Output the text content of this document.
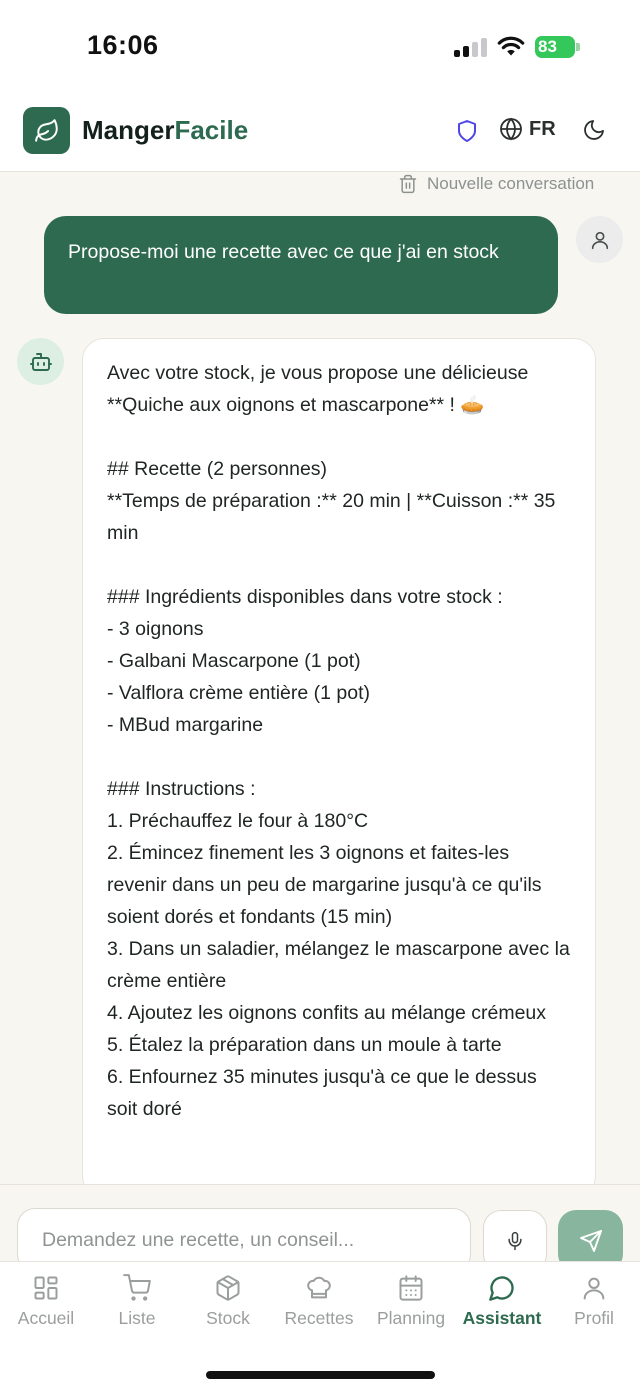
16:06	83
MangerFacile	FR
Nouvelle conversation
Propose-moi une recette avec ce que j'ai en stock
Avec votre stock, je vous propose une délicieuse **Quiche aux oignons et mascarpone** ! 🥧

## Recette (2 personnes)
**Temps de préparation :** 20 min | **Cuisson :** 35 min

### Ingrédients disponibles dans votre stock :
- 3 oignons
- Galbani Mascarpone (1 pot)
- Valflora crème entière (1 pot)
- MBud margarine

### Instructions :
1. Préchauffez le four à 180°C
2. Émincez finement les 3 oignons et faites-les revenir dans un peu de margarine jusqu'à ce qu'ils soient dorés et fondants (15 min)
3. Dans un saladier, mélangez le mascarpone avec la crème entière
4. Ajoutez les oignons confits au mélange crémeux
5. Étalez la préparation dans un moule à tarte
6. Enfournez 35 minutes jusqu'à ce que le dessus soit doré
Demandez une recette, un conseil...
Accueil	Liste	Stock Recettes Planning Assistant Profil
